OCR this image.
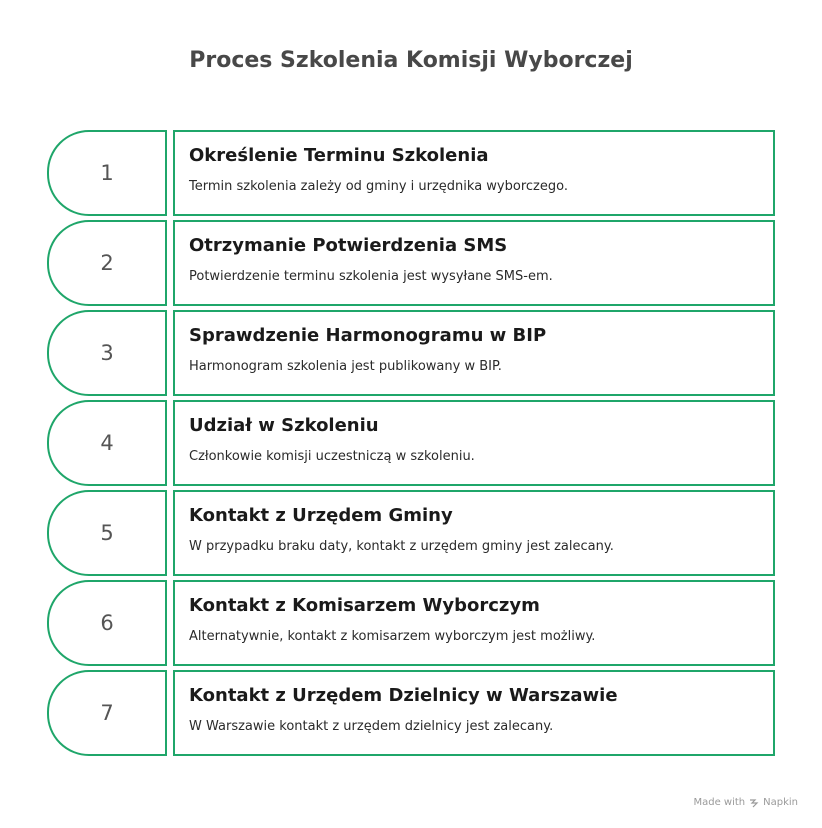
Proces Szkolenia Komisji Wyborczej
1
Określenie Terminu Szkolenia
Termin szkolenia zależy od gminy i urzędnika wyborczego.
2
Otrzymanie Potwierdzenia SMS
Potwierdzenie terminu szkolenia jest wysyłane SMS-em.
3
Sprawdzenie Harmonogramu w BIP
Harmonogram szkolenia jest publikowany w BIP.
4
Udział w Szkoleniu
Członkowie komisji uczestniczą w szkoleniu.
5
Kontakt z Urzędem Gminy
W przypadku braku daty, kontakt z urzędem gminy jest zalecany.
6
Kontakt z Komisarzem Wyborczym
Alternatywnie, kontakt z komisarzem wyborczym jest możliwy.
7
Kontakt z Urzędem Dzielnicy w Warszawie
W Warszawie kontakt z urzędem dzielnicy jest zalecany.
Made with Napkin
